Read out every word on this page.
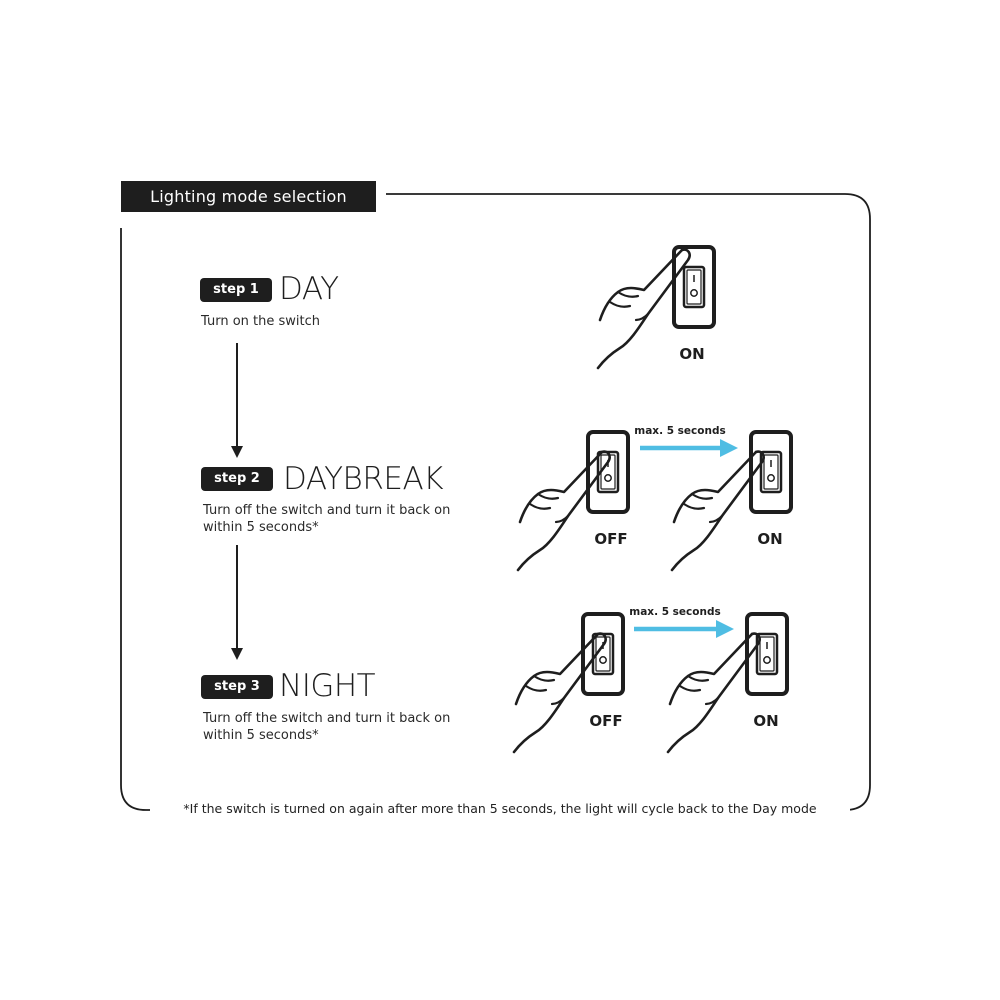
ON
OFF
max. 5 seconds
ON
OFF
max. 5 seconds
ON
Lighting mode selection
step 1 DAY
Turn on the switch
step 2 DAYBREAK
Turn off the switch and turn it back on within 5 seconds*
step 3 NIGHT
Turn off the switch and turn it back on within 5 seconds*
*If the switch is turned on again after more than 5 seconds, the light will cycle back to the Day mode
